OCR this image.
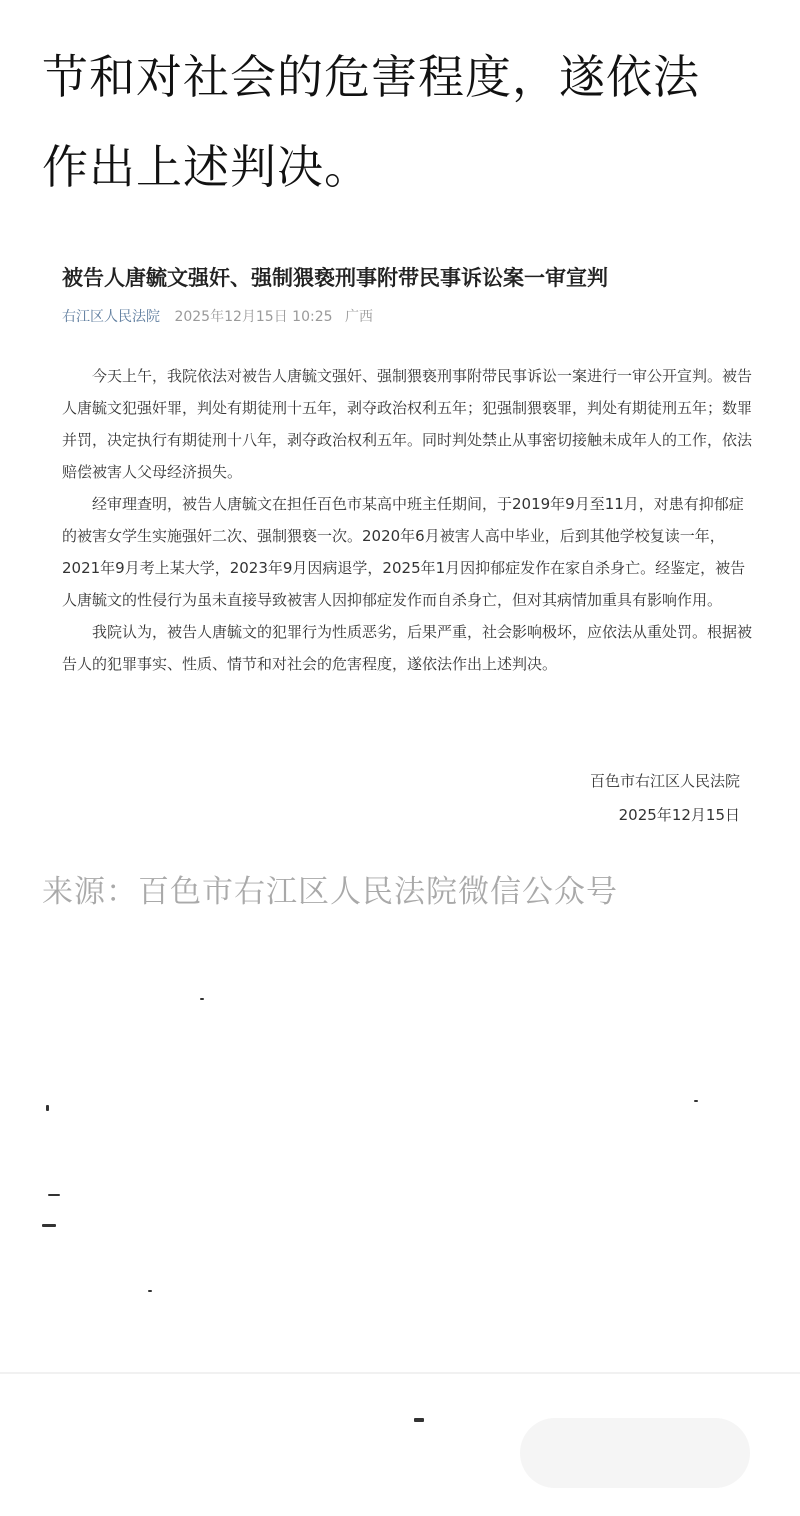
节和对社会的危害程度，遂依法
作出上述判决。
被告人唐毓文强奸、强制猥亵刑事附带民事诉讼案一审宣判
右江区人民法院 2025年12月15日 10:25 广西

今天上午，我院依法对被告人唐毓文强奸、强制猥亵刑事附带民事诉讼一案进行一审公开宣判。被告人唐毓文犯强奸罪，判处有期徒刑十五年，剥夺政治权利五年；犯强制猥亵罪，判处有期徒刑五年；数罪并罚，决定执行有期徒刑十八年，剥夺政治权利五年。同时判处禁止从事密切接触未成年人的工作，依法赔偿被害人父母经济损失。

经审理查明，被告人唐毓文在担任百色市某高中班主任期间，于2019年9月至11月，对患有抑郁症的被害女学生实施强奸二次、强制猥亵一次。2020年6月被害人高中毕业，后到其他学校复读一年，2021年9月考上某大学，2023年9月因病退学，2025年1月因抑郁症发作在家自杀身亡。经鉴定，被告人唐毓文的性侵行为虽未直接导致被害人因抑郁症发作而自杀身亡，但对其病情加重具有影响作用。

我院认为，被告人唐毓文的犯罪行为性质恶劣，后果严重，社会影响极坏，应依法从重处罚。根据被告人的犯罪事实、性质、情节和对社会的危害程度，遂依法作出上述判决。

百色市右江区人民法院
2025年12月15日
来源：百色市右江区人民法院微信公众号
